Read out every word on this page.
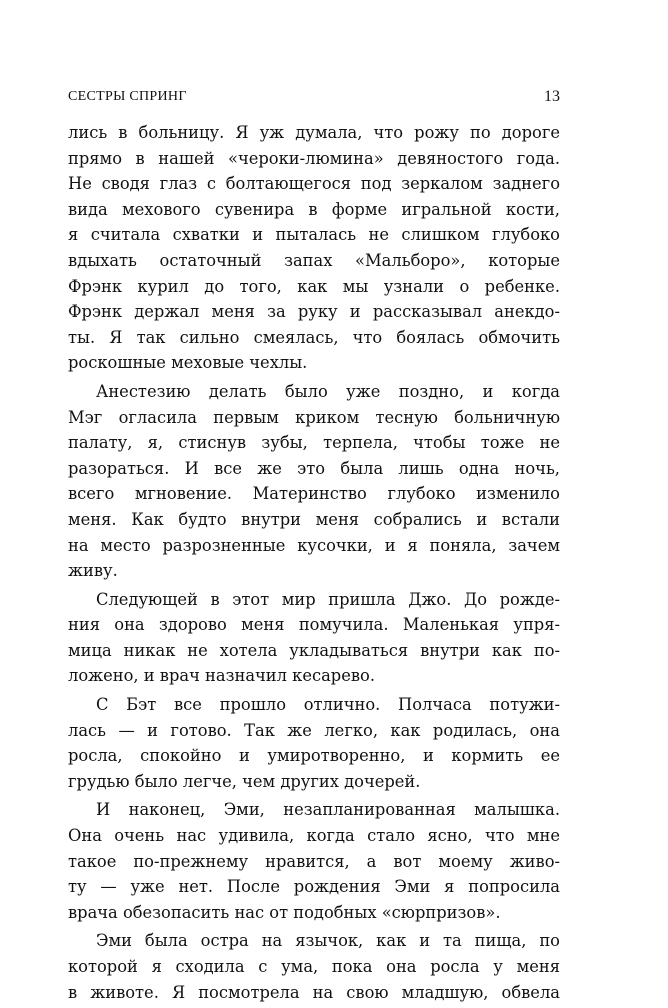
СЕСТРЫ СПРИНГ	13
лись в больницу. Я уж думала, что рожу по дороге
прямо в нашей «чероки-люмина» девяностого года.
Не сводя глаз с болтающегося под зеркалом заднего
вида мехового сувенира в форме игральной кости,
я считала схватки и пыталась не слишком глубоко
вдыхать остаточный запах «Мальборо», которые
Фрэнк курил до того, как мы узнали о ребенке.
Фрэнк держал меня за руку и рассказывал анекдо-
ты. Я так сильно смеялась, что боялась обмочить
роскошные меховые чехлы.
Анестезию делать было уже поздно, и когда
Мэг огласила первым криком тесную больничную
палату, я, стиснув зубы, терпела, чтобы тоже не
разораться. И все же это была лишь одна ночь,
всего мгновение. Материнство глубоко изменило
меня. Как будто внутри меня собрались и встали
на место разрозненные кусочки, и я поняла, зачем
живу.
Следующей в этот мир пришла Джо. До рожде-
ния она здорово меня помучила. Маленькая упря-
мица никак не хотела укладываться внутри как по-
ложено, и врач назначил кесарево.
С Бэт все прошло отлично. Полчаса потужи-
лась — и готово. Так же легко, как родилась, она
росла, спокойно и умиротворенно, и кормить ее
грудью было легче, чем других дочерей.
И наконец, Эми, незапланированная малышка.
Она очень нас удивила, когда стало ясно, что мне
такое по-прежнему нравится, а вот моему живо-
ту — уже нет. После рождения Эми я попросила
врача обезопасить нас от подобных «сюрпризов».
Эми была остра на язычок, как и та пища, по
которой я сходила с ума, пока она росла у меня
в животе. Я посмотрела на свою младшую, обвела
